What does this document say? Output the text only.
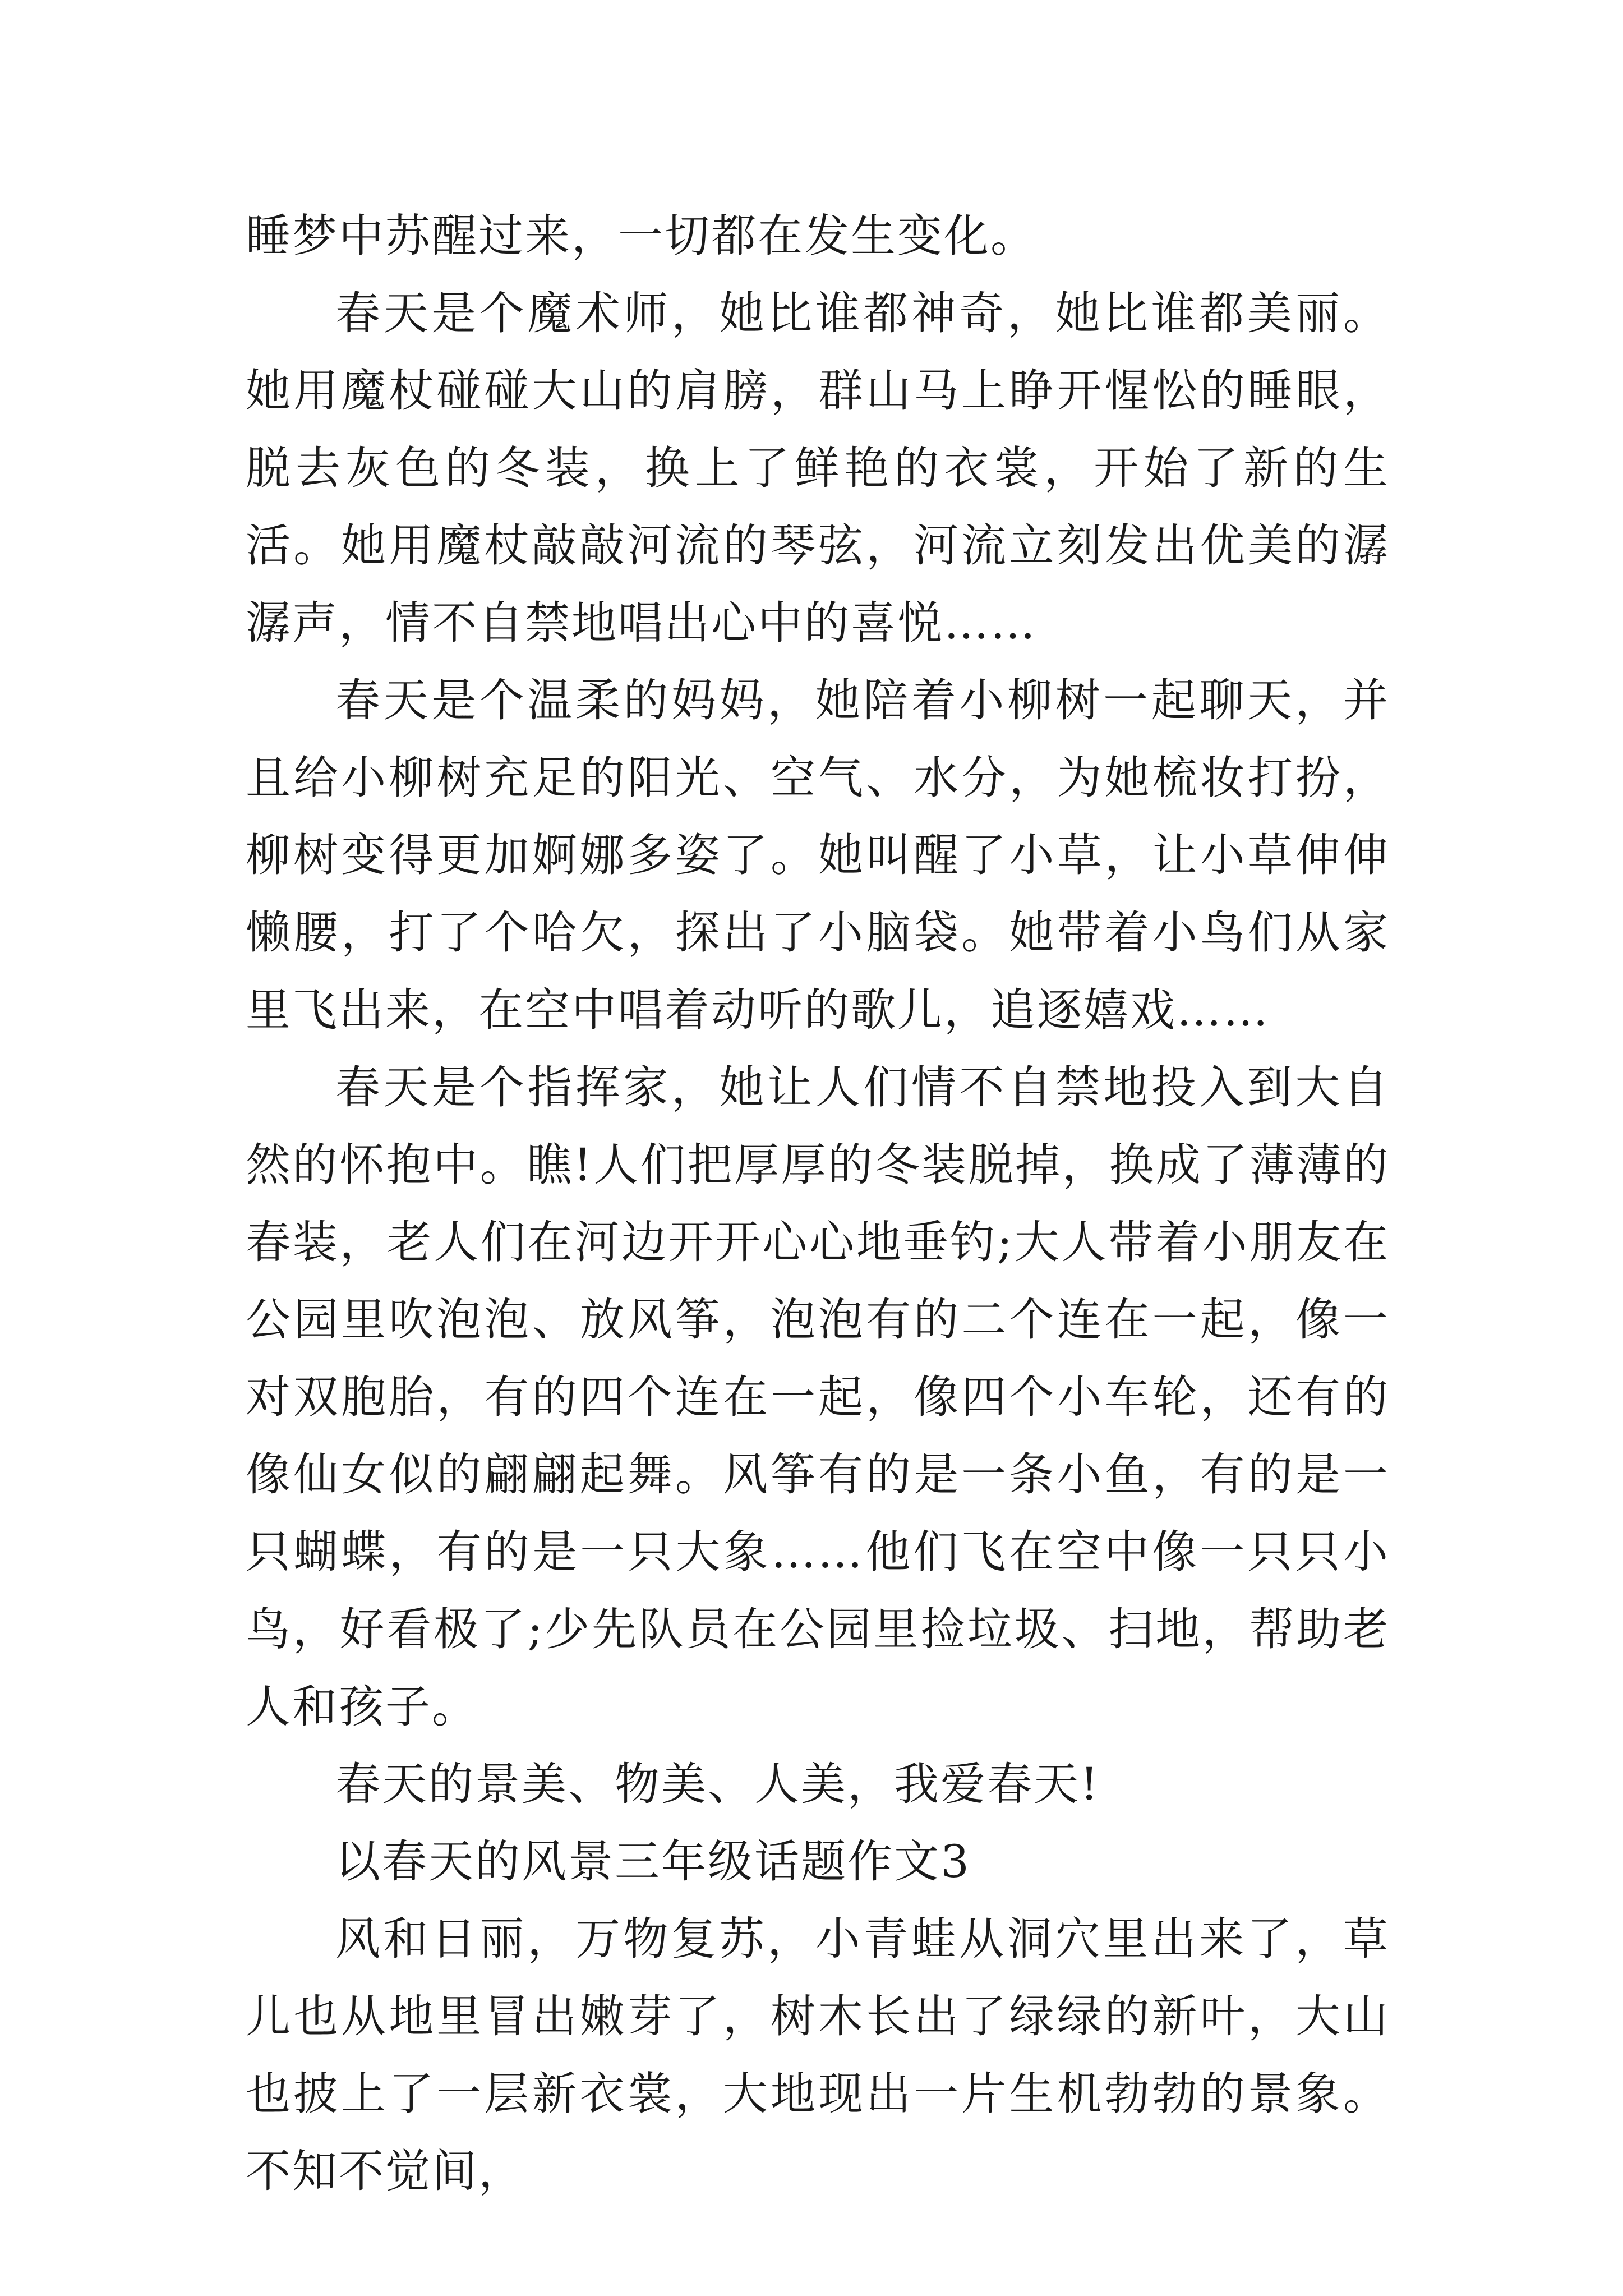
睡梦中苏醒过来，一切都在发生变化。

春天是个魔术师，她比谁都神奇，她比谁都美丽。她用魔杖碰碰大山的肩膀，群山马上睁开惺忪的睡眼，脱去灰色的冬装，换上了鲜艳的衣裳，开始了新的生活。她用魔杖敲敲河流的琴弦，河流立刻发出优美的潺潺声，情不自禁地唱出心中的喜悦……

春天是个温柔的妈妈，她陪着小柳树一起聊天，并且给小柳树充足的阳光、空气、水分，为她梳妆打扮，柳树变得更加婀娜多姿了。她叫醒了小草，让小草伸伸懒腰，打了个哈欠，探出了小脑袋。她带着小鸟们从家里飞出来，在空中唱着动听的歌儿，追逐嬉戏……

春天是个指挥家，她让人们情不自禁地投入到大自然的怀抱中。瞧!人们把厚厚的冬装脱掉，换成了薄薄的春装，老人们在河边开开心心地垂钓;大人带着小朋友在公园里吹泡泡、放风筝，泡泡有的二个连在一起，像一对双胞胎，有的四个连在一起，像四个小车轮，还有的像仙女似的翩翩起舞。风筝有的是一条小鱼，有的是一只蝴蝶，有的是一只大象……他们飞在空中像一只只小鸟，好看极了;少先队员在公园里捡垃圾、扫地，帮助老人和孩子。

春天的景美、物美、人美，我爱春天!

以春天的风景三年级话题作文3

风和日丽，万物复苏，小青蛙从洞穴里出来了，草儿也从地里冒出嫩芽了，树木长出了绿绿的新叶，大山也披上了一层新衣裳，大地现出一片生机勃勃的景象。不知不觉间，
